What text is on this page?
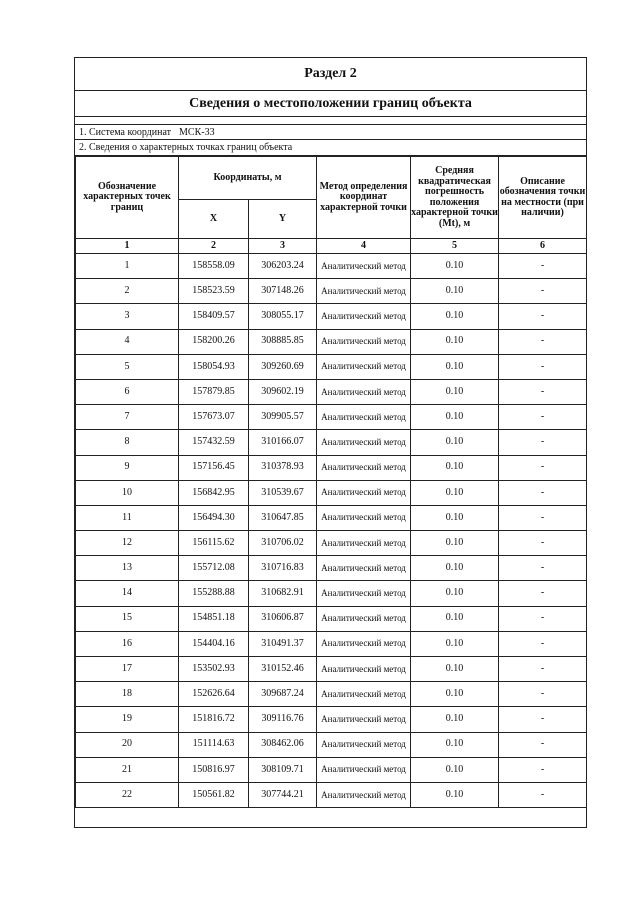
Раздел 2
Сведения о местоположении границ объекта
1. Система координат МСК-33
2. Сведения о характерных точках границ объекта
Обозначение характерных точек границ	Координаты, м		Метод определения координат характерной точки	Средняя квадратическая погрешность положения характерной точки (Mt), м	Описание обозначения точки на местности (при наличии)
	X	Y			
1	2	3	4	5	6
1	158558.09	306203.24	Аналитический метод	0.10	-
2	158523.59	307148.26	Аналитический метод	0.10	-
3	158409.57	308055.17	Аналитический метод	0.10	-
4	158200.26	308885.85	Аналитический метод	0.10	-
5	158054.93	309260.69	Аналитический метод	0.10	-
6	157879.85	309602.19	Аналитический метод	0.10	-
7	157673.07	309905.57	Аналитический метод	0.10	-
8	157432.59	310166.07	Аналитический метод	0.10	-
9	157156.45	310378.93	Аналитический метод	0.10	-
10	156842.95	310539.67	Аналитический метод	0.10	-
11	156494.30	310647.85	Аналитический метод	0.10	-
12	156115.62	310706.02	Аналитический метод	0.10	-
13	155712.08	310716.83	Аналитический метод	0.10	-
14	155288.88	310682.91	Аналитический метод	0.10	-
15	154851.18	310606.87	Аналитический метод	0.10	-
16	154404.16	310491.37	Аналитический метод	0.10	-
17	153502.93	310152.46	Аналитический метод	0.10	-
18	152626.64	309687.24	Аналитический метод	0.10	-
19	151816.72	309116.76	Аналитический метод	0.10	-
20	151114.63	308462.06	Аналитический метод	0.10	-
21	150816.97	308109.71	Аналитический метод	0.10	-
22	150561.82	307744.21	Аналитический метод	0.10	-
